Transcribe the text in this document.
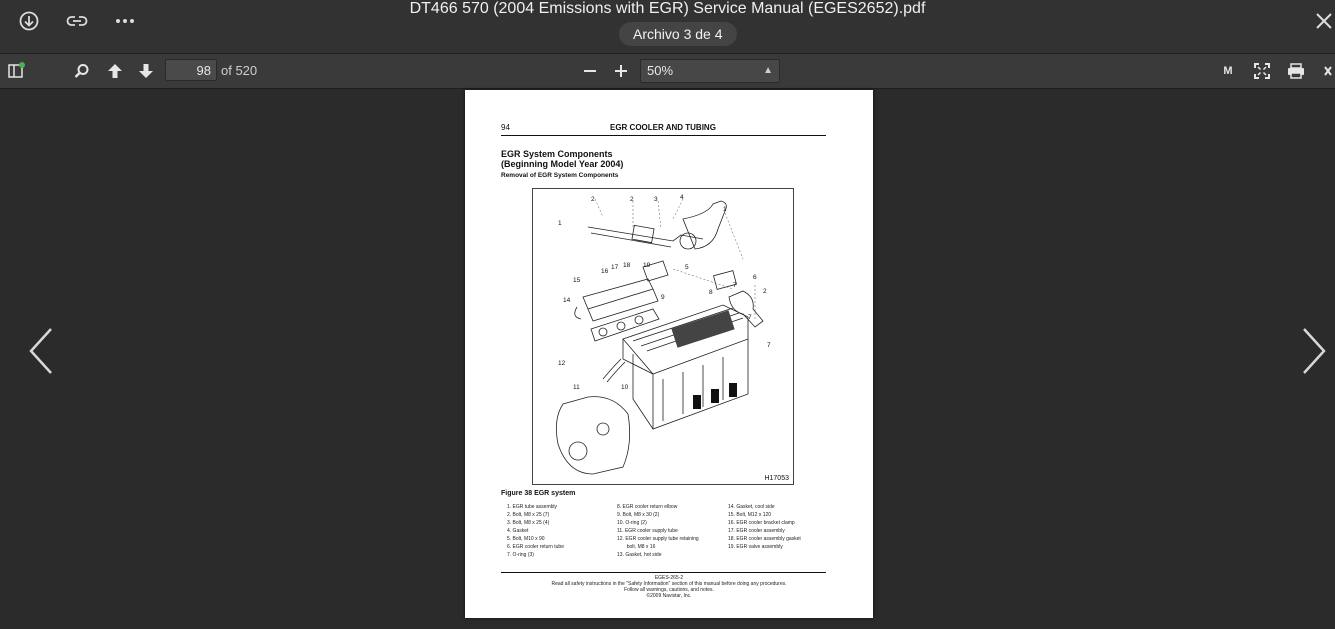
DT466 570 (2004 Emissions with EGR) Service Manual (EGES2652).pdf
Archivo 3 de 4
98
of 520	50%	▲	M
94	EGR COOLER AND TUBING
EGR System Components
(Beginning Model Year 2004)
Removal of EGR System Components
2	2	3	4
1
1
5
6
7
2
8
7
9
19
18
17
16
15
14
12
11	10
7
H17053
Figure 38 EGR system
1. EGR tube assembly
2. Bolt, M8 x 25 (7)
3. Bolt, M8 x 25 (4)
4. Gasket
5. Bolt, M10 x 90
6. EGR cooler return tube
7. O-ring (3)
8. EGR cooler return elbow
9. Bolt, M8 x 30 (2)
10. O-ring (2)
11. EGR cooler supply tube
12. EGR cooler supply tube retaining
bolt, M8 x 16
13. Gasket, hot side
14. Gasket, cool side
15. Bolt, M12 x 120
16. EGR cooler bracket clamp
17. EGR cooler assembly
18. EGR cooler assembly gasket
19. EGR valve assembly
EGES-265-2
Read all safety instructions in the "Safety Information" section of this manual before doing any procedures.
Follow all warnings, cautions, and notes.
©2009 Navistar, Inc.
